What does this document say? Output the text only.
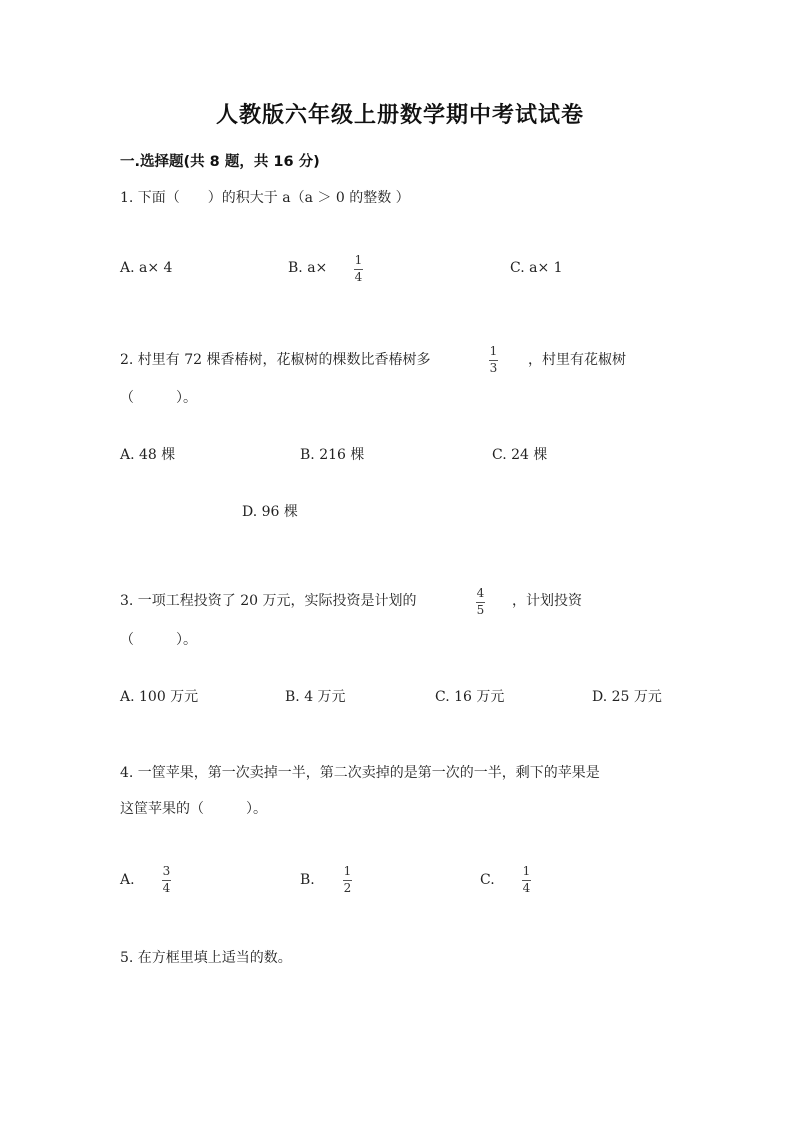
人教版六年级上册数学期中考试试卷
一.选择题(共 8 题，共 16 分)
1. 下面（　　）的积大于 a（a ＞ 0 的整数 ）
A. a× 4	B. a× 1
4
C. a× 1
2. 村里有 72 棵香椿树，花椒树的棵数比香椿树多
1
3 ，村里有花椒树
（　　　）。
A. 48 棵	B. 216 棵	C. 24 棵
D. 96 棵
3. 一项工程投资了 20 万元，实际投资是计划的	4
5
，计划投资
（　　　）。
A. 100 万元	B. 4 万元	C. 16 万元	D. 25 万元
4. 一筐苹果，第一次卖掉一半，第二次卖掉的是第一次的一半，剩下的苹果是
这筐苹果的（　　　）。
A.
3
4	B.
1
2	C.
1
4
5. 在方框里填上适当的数。
